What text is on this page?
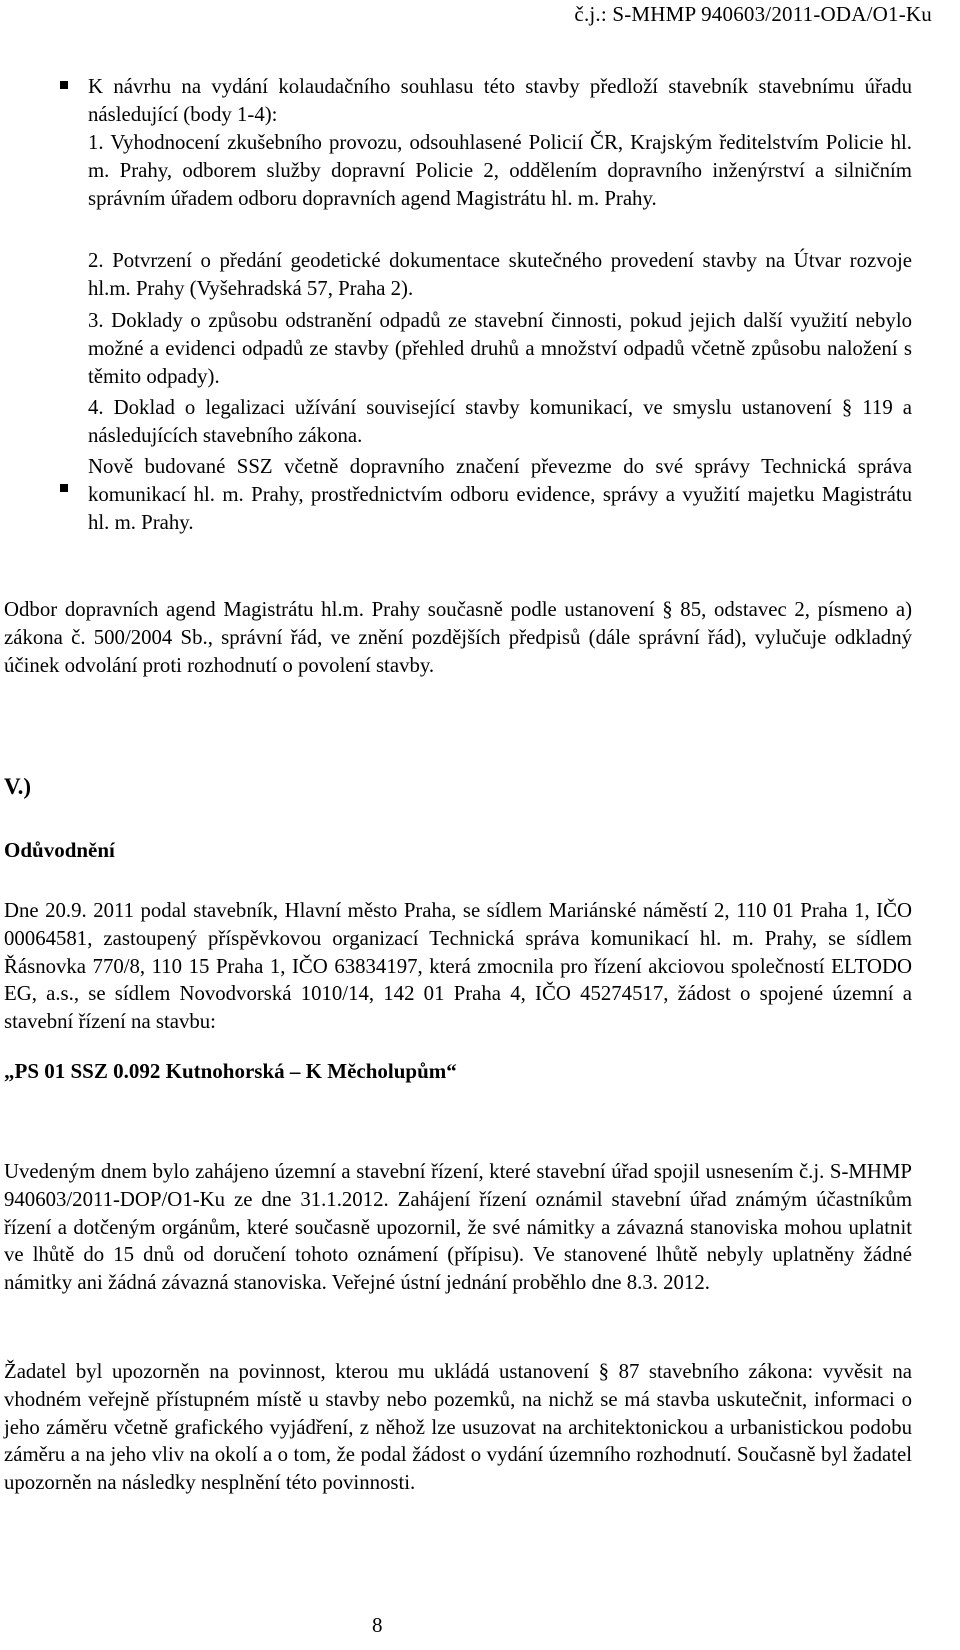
č.j.: S-MHMP 940603/2011-ODA/O1-Ku
K návrhu na vydání kolaudačního souhlasu této stavby předloží stavebník stavebnímu úřadu následující (body 1-4):
1. Vyhodnocení zkušebního provozu, odsouhlasené Policií ČR, Krajským ředitelstvím Policie hl. m. Prahy, odborem služby dopravní Policie 2, oddělením dopravního inženýrství a silničním správním úřadem odboru dopravních agend Magistrátu hl. m. Prahy.
2. Potvrzení o předání geodetické dokumentace skutečného provedení stavby na Útvar rozvoje hl.m. Prahy (Vyšehradská 57, Praha 2).
3. Doklady o způsobu odstranění odpadů ze stavební činnosti, pokud jejich další využití nebylo možné a evidenci odpadů ze stavby (přehled druhů a množství odpadů včetně způsobu naložení s těmito odpady).
4. Doklad o legalizaci užívání související stavby komunikací, ve smyslu ustanovení § 119 a následujících stavebního zákona.
Nově budované SSZ včetně dopravního značení převezme do své správy Technická správa komunikací hl. m. Prahy, prostřednictvím odboru evidence, správy a využití majetku Magistrátu hl. m. Prahy.
Odbor dopravních agend Magistrátu hl.m. Prahy současně podle ustanovení § 85, odstavec 2, písmeno a) zákona č. 500/2004 Sb., správní řád, ve znění pozdějších předpisů (dále správní řád), vylučuje odkladný účinek odvolání proti rozhodnutí o povolení stavby.
V.)
Odůvodnění
Dne 20.9. 2011 podal stavebník, Hlavní město Praha, se sídlem Mariánské náměstí 2, 110 01 Praha 1, IČO 00064581, zastoupený příspěvkovou organizací Technická správa komunikací hl. m. Prahy, se sídlem Řásnovka 770/8, 110 15 Praha 1, IČO 63834197, která zmocnila pro řízení akciovou společností ELTODO EG, a.s., se sídlem Novodvorská 1010/14, 142 01 Praha 4, IČO 45274517, žádost o spojené územní a stavební řízení na stavbu:
„PS 01 SSZ 0.092 Kutnohorská – K Měcholupům“
Uvedeným dnem bylo zahájeno územní a stavební řízení, které stavební úřad spojil usnesením č.j. S-MHMP 940603/2011-DOP/O1-Ku ze dne 31.1.2012. Zahájení řízení oznámil stavební úřad známým účastníkům řízení a dotčeným orgánům, které současně upozornil, že své námitky a závazná stanoviska mohou uplatnit ve lhůtě do 15 dnů od doručení tohoto oznámení (přípisu). Ve stanovené lhůtě nebyly uplatněny žádné námitky ani žádná závazná stanoviska. Veřejné ústní jednání proběhlo dne 8.3. 2012.
Žadatel byl upozorněn na povinnost, kterou mu ukládá ustanovení § 87 stavebního zákona: vyvěsit na vhodném veřejně přístupném místě u stavby nebo pozemků, na nichž se má stavba uskutečnit, informaci o jeho záměru včetně grafického vyjádření, z něhož lze usuzovat na architektonickou a urbanistickou podobu záměru a na jeho vliv na okolí a o tom, že podal žádost o vydání územního rozhodnutí. Současně byl žadatel upozorněn na následky nesplnění této povinnosti.
8
